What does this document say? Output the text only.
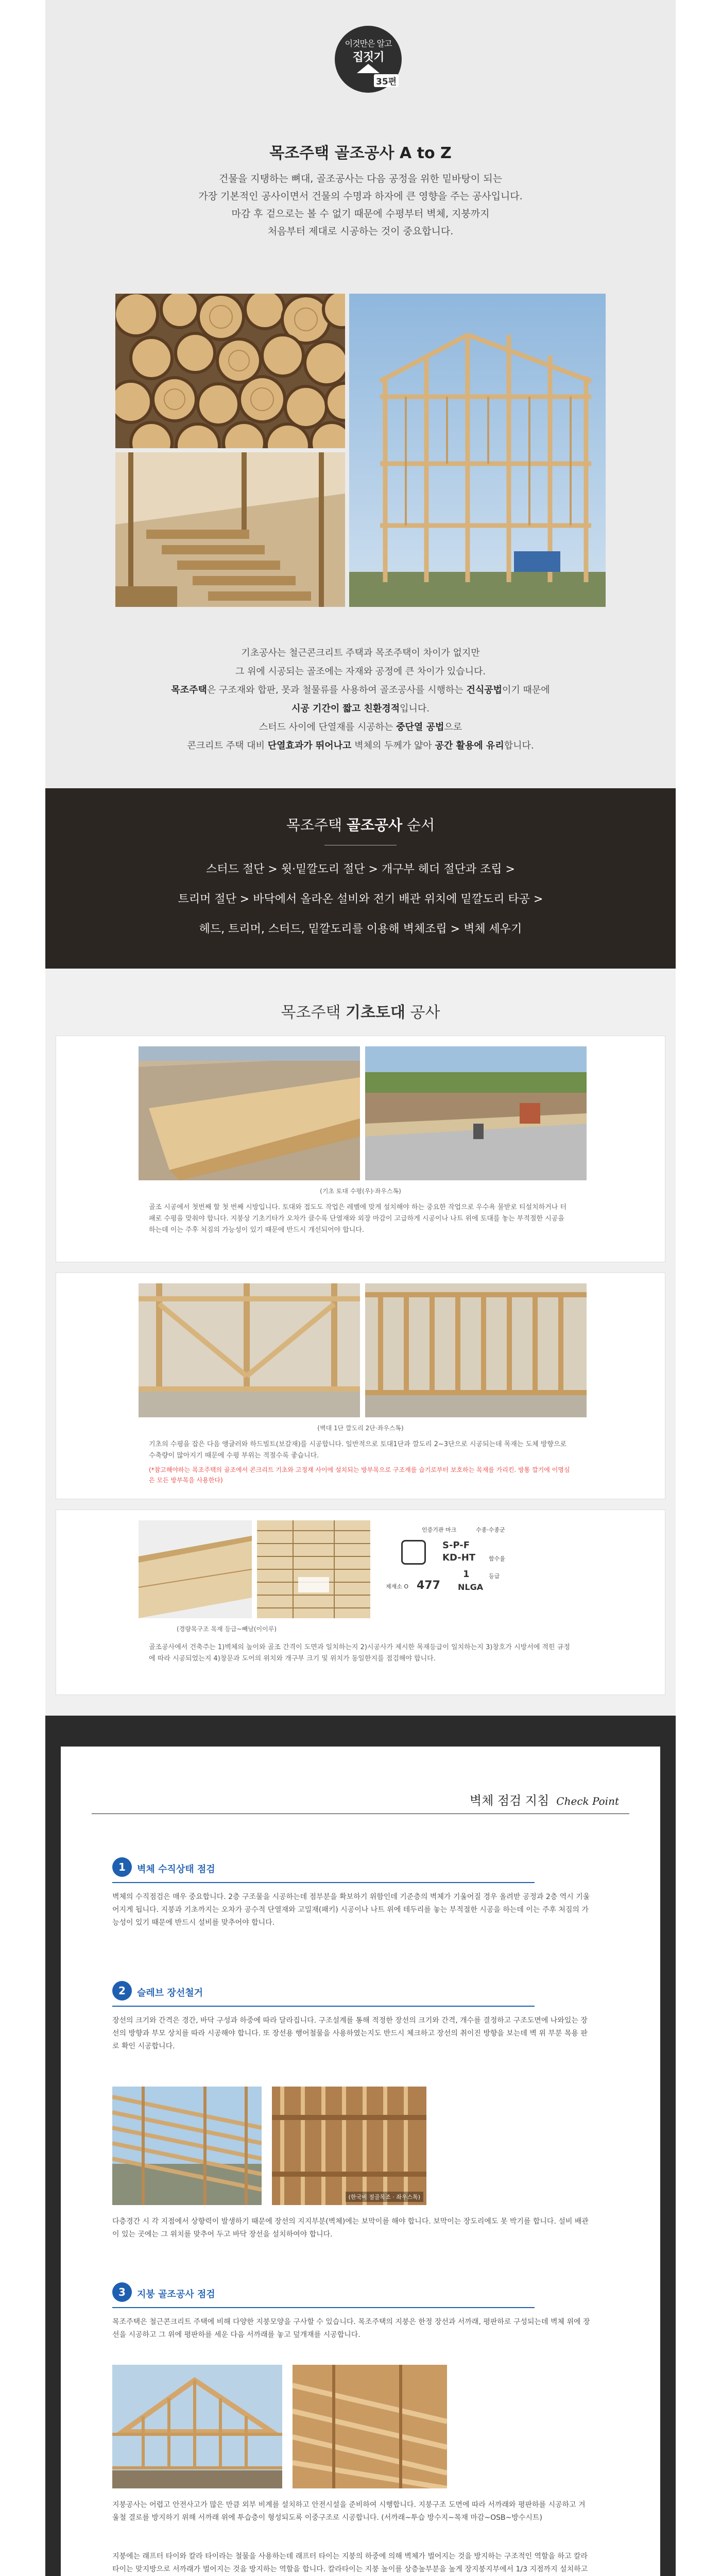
이것만은 알고
집짓기
35편
목조주택 골조공사 A to Z
건물을 지탱하는 뼈대, 골조공사는 다음 공정을 위한 밑바탕이 되는
가장 기본적인 공사이면서 건물의 수명과 하자에 큰 영향을 주는 공사입니다.
마감 후 겉으로는 볼 수 없기 때문에 수평부터 벽체, 지붕까지
처음부터 제대로 시공하는 것이 중요합니다.
기초공사는 철근콘크리트 주택과 목조주택이 차이가 없지만
그 위에 시공되는 골조에는 자재와 공정에 큰 차이가 있습니다.
목조주택은 구조재와 합판, 못과 철물류를 사용하여 골조공사를 시행하는 건식공법이기 때문에
시공 기간이 짧고 친환경적입니다.
스터드 사이에 단열재를 시공하는 중단열 공법으로
콘크리트 주택 대비 단열효과가 뛰어나고 벽체의 두께가 얇아 공간 활용에 유리합니다.
목조주택 골조공사 순서
스터드 절단 > 윗·밑깔도리 절단 > 개구부 헤더 절단과 조립 >
트리머 절단 > 바닥에서 올라온 설비와 전기 배관 위치에 밑깔도리 타공 >
헤드, 트리머, 스터드, 밑깔도리를 이용해 벽체조립 > 벽체 세우기
목조주택 기초토대 공사
(기초 토대 수평(우)·좌우스톡)
골조 시공에서 첫번째 할 첫 번째 시방입니다. 토대와 접도도 작업은 레벨에 맞게 설치해야 하는 중요한 작업으로 우수욕 물받로 티설치하거나 터패로 수평을 맞춰야 합니다. 지붕상 기초기타가 오차가 클수록 단열재와 외장 마감이 고급하게 시공이나 나트 위에 토대를 놓는 부적절한 시공을 하는데 이는 주후 처짐의 가능성이 있기 때문에 반드시 개선되어야 합니다.
(벽대 1단 깔도리 2단·좌우스톡)
기초의 수평을 잡은 다음 앵글러와 하드빌트(보갈재)를 시공합니다. 일반적으로 토대1단과 깔도리 2~3단으로 시공되는데 목재는 도체 방향으로 수축량이 많아지기 때문에 수평 부위는 적절수록 좋습니다.
(*참고해야하는 목조주택의 골조에서 콘크리트 기초와 고정재 사이에 설치되는 방부목으로 구조재를 습기로부터 보호하는 목재를 가리킨. 방통 깔기에 이명심은 모든 방부목을 사용한다)
인증기관 마크	수종·수종군
S-P-F
KD-HT 함수율
제재소 O 477
1	등급
NLGA
(경량목구조 목재 등급~빼남(이이루)
골조공사에서 건축주는 1)벽체의 높이와 골조 간격이 도면과 일치하는지 2)시공사가 제시한 목재등급이 일치하는지 3)창호가 시방서에 적힌 규정에 따라 시공되었는지 4)창문과 도어의 위치와 개구부 크기 및 위치가 동일한지를 점검해야 합니다.
벽체 점검 지침 Check Point
1	벽체 수직상태 점검
벽체의 수직점검은 매우 중요합니다. 2층 구조물을 시공하는데 점부분을 확보하기 위함인데 기준층의 벽체가 기울어질 경우 올려받 공정과 2층 역시 기울어지게 됩니다. 지붕과 기초까지는 오차가 공수적 단열재와 고밀재(패키) 시공이나 나트 위에 테두리를 놓는 부적절한 시공을 하는데 이는 주후 처짐의 가능성이 있기 때문에 반드시 설비를 맞추어야 합니다.
2	슬레브 장선철거
장선의 크기와 간격은 경간, 바닥 구성과 하중에 따라 달라집니다. 구조설계를 통해 적정한 장선의 크기와 간격, 개수를 결정하고 구조도면에 나와있는 장선의 방향과 부모 상치를 따라 시공해야 합니다. 또 장선용 행어철물을 사용하였는지도 반드시 체크하고 장선의 취이진 방향을 보는데 벽 위 부분 목용 판로 확인 시공합니다.
(한국비 절골목조 · 좌우스톡)
다층경간 시 각 지점에서 상향력이 발생하기 때문에 장선의 지지부분(벽체)에는 보막이를 해야 합니다. 보막이는 장도리에도 못 박기를 합니다. 설비 배관이 있는 곳에는 그 위치를 맞추어 두고 바닥 장선을 설치하여야 합니다.
3	지붕 골조공사 점검
목조주택은 철근콘크리트 주택에 비해 다양한 지붕모양을 구사할 수 있습니다. 목조주택의 지붕은 한정 장선과 서까래, 평판하로 구성되는데 벽체 위에 장선을 시공하고 그 위에 평판하를 세운 다음 서까래를 놓고 덮개재를 시공합니다.
지붕공사는 어렵고 안전사고가 많은 만큼 외부 비계를 설치하고 안전시설을 준비하여 시행합니다. 지붕구조 도면에 따라 서까래와 평판하를 시공하고 겨울철 결로를 방지하기 위해 서까래 위에 투습층이 형성되도록 이중구조로 시공합니다. (서까래~투습 방수지~목재 마감~OSB~방수시트)
지붕에는 래프터 타이와 칼라 타이라는 철물을 사용하는데 래프터 타이는 지붕의 하중에 의해 벽체가 벌어지는 것을 방지하는 구조적인 역할을 하고 칼라 타이는 맞지방으로 서까래가 벌어지는 것을 방지하는 역할을 합니다. 칼라타이는 지붕 높이를 상층높부분을 높게 장지붕지부에서 1/3 지점까지 설치하고
